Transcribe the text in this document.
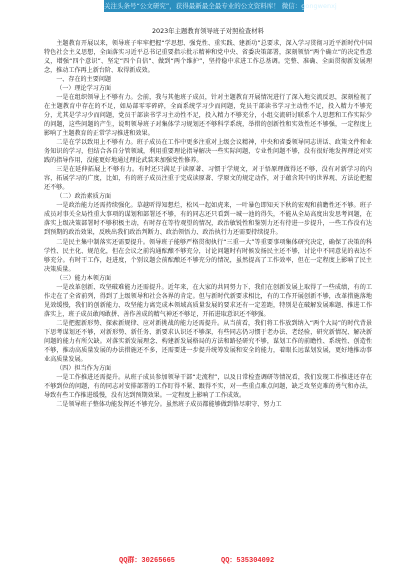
关注头条号“公文研究”，获得最新最全最专业的公文资料库！ 微信：gongwenxj
2023年主题教育领导班子对照检查材料

主题教育开展以来，领导班子牢牢把握“学思想、强党性、重实践、建新功”总要求，深入学习贯彻习近平新时代中国特色社会主义思想，全面落实习近平总书记重要指示批示精神和党中央、省委决策部署，深刻领悟“两个确立”的决定性意义，增强“四个意识”、坚定“四个自信”、做到“两个维护”，坚持稳中求进工作总基调。完整、准确、全面贯彻新发展理念，推动工作再上新台阶、取得新成效。

一、存在的主要问题

（一）理论学习方面

一是在组织领导上不够有力。会前，我与其他班子成员，针对主题教育开展情况进行了深入地交流反思，深刻检视了在主题教育中存在的不足，如局部零零碎碎，全面系统学习少而问题，党员干部读书学习主动性不足，投入精力不够充分，尤其是学习少而问题，党员干部读书学习主动性不足，投入精力不够充分，小组交流研讨联系个人思想和工作实际少的问题，这些问题的产生，说明领导班子对集体学习规划还不够科学系统，举措的创新性和实效性还不够强，一定程度上影响了主题教育的正常学习推进和效果。

二是在学以致用上不够有力。班子成员在工作中更多注重对上级会议精神，中央和省委领导同志讲话、政策文件和业务知识的学习，但结合各自分管领域，利用重要理论指导解决一些实际问题，专业性问题不够，没有很好地发挥理论对实践的指导作用，没能更好地通过理论武装来加强党性修养。

三是在延伸拓展上不够有力。有时还只满足于读原著、习惯于学规文，对于悟原理做得还不够，没有对新学习的内容，拓展学习的广度，比如，有的班子成员注重于完成读原著、学原文的规定动作，对于蕴含其中的世界观、方法论把握还不够。

（二）政治素质方面

一是政治能力还需持续强化。草越听得知想烂，松风一起如虎来，一叶暴色即知天下秋的宏观和前瞻性还不够。班子成员对事关全局性重大事项的谋划和部署还不够，有的同志还只看到一城一池的得失，不能从全局高度出发思考问题，在落实上级决策部署时不够积极主动，有时存在等待观望的情况，政治敏锐性和鉴别力还有待进一步提升，一些工作没有达到预期的政治效果，反映出我们政治判断力、政治领悟力、政治执行力还需要持续提升。

二是民主集中制落实还需要提升。领导班子能够严格贯彻执行“三重一大”等重要事项集体研究决定，确保了决策的科学性、民主化、规范化，但在会议之前沟通酝酿不够充分，讨论问题时有时候发扬民主还不够，讨论中不同意见的表达不够充分。有时干工作，赶进度，个别议题会前酝酿还不够充分的情况，虽然提高了工作效率，但在一定程度上影响了民主决策质量。

（三）能力本领方面

一是改革创新、攻坚破难能力还需提升。近年来，在大家的共同努力下，我们在创新发展上取得了一些成绩，有的工作走在了全省前列，得到了上级领导和社会各界的肯定。但与新时代新要求相比，有的工作开展创新不够，改革措施落地见效缓慢，我们的创新能力、攻坚能力离完成本领域高质量发展的要求还有一定差距，特别是在破解发展难题、推进工作落实上，班子成员敢闯敢拼、善作善成的精气神还不够足，开拓进取意识还不够强。

二是把握新形势、探索新规律、应对新挑战的能力还需提升。从当前看，我们将工作放到纳入“两个大局”的时代背景下思考谋划还不够，对新形势、新任务、新要求认识还不够深，有些同志仍习惯于老办法、老经验，研究新情况、解决新问题的能力有所欠缺。对落实新发展理念、构建新发展格局的方法和路径研究不够，谋划工作的前瞻性、系统性、创造性不够，推动高质量发展的办法措施还不多，还需要进一步提升统筹发展和安全的能力，着眼长远谋划发展，更好地推动事业高质量发展。

（四）担当作为方面

一是工作推进还需提升。从班子成员参加领导干部“走流程”，以及日常检查调研等情况看，我们发现工作推进还存在不够到位的问题，有的同志对安排部署的工作盯得不紧、跟得不实，对一些重点难点问题，缺乏攻坚克难的勇气和办法，导致有些工作推进缓慢，没有达到预期效果。一定程度上影响了工作成效。

二是领导班子整体功能发挥还不够充分。虽然班子成员都能够做到恪尽职守、努力工

QQ群：30265665	QQ：535304092
